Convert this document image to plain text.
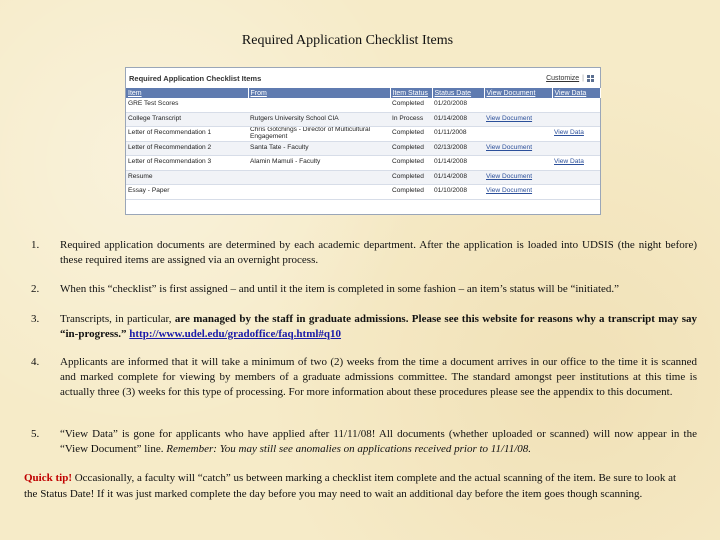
Required Application Checklist Items
Required Application Checklist Items	Customize |
Item	From	Item Status	Status Date	View Document	View Data
GRE Test Scores		Completed	01/20/2008		
College Transcript	Rutgers University School CIA	In Process	01/14/2008	View Document	
Letter of Recommendation 1	Chris Gotchings - Director of Multicultural Engagement	Completed	01/11/2008		View Data
Letter of Recommendation 2	Santa Tate - Faculty	Completed	02/13/2008	View Document	
Letter of Recommendation 3	Alamin Mamuli - Faculty	Completed	01/14/2008		View Data
Resume		Completed	01/14/2008	View Document	
Essay - Paper		Completed	01/10/2008	View Document	
1.	Required application documents are determined by each academic department. After the application is loaded into UDSIS (the night before) these required items are assigned via an overnight process.
2.	When this “checklist” is first assigned – and until it the item is completed in some fashion – an item’s status will be “initiated.”
3.	Transcripts, in particular, are managed by the staff in graduate admissions. Please see this website for reasons why a transcript may say “in-progress.” http://www.udel.edu/gradoffice/faq.html#q10
4.	Applicants are informed that it will take a minimum of two (2) weeks from the time a document arrives in our office to the time it is scanned and marked complete for viewing by members of a graduate admissions committee. The standard amongst peer institutions at this time is actually three (3) weeks for this type of processing. For more information about these procedures please see the appendix to this document.
5.	“View Data” is gone for applicants who have applied after 11/11/08! All documents (whether uploaded or scanned) will now appear in the “View Document” line. Remember: You may still see anomalies on applications received prior to 11/11/08.
Quick tip! Occasionally, a faculty will “catch” us between marking a checklist item complete and the actual scanning of the item. Be sure to look at the Status Date! If it was just marked complete the day before you may need to wait an additional day before the item goes though scanning.
